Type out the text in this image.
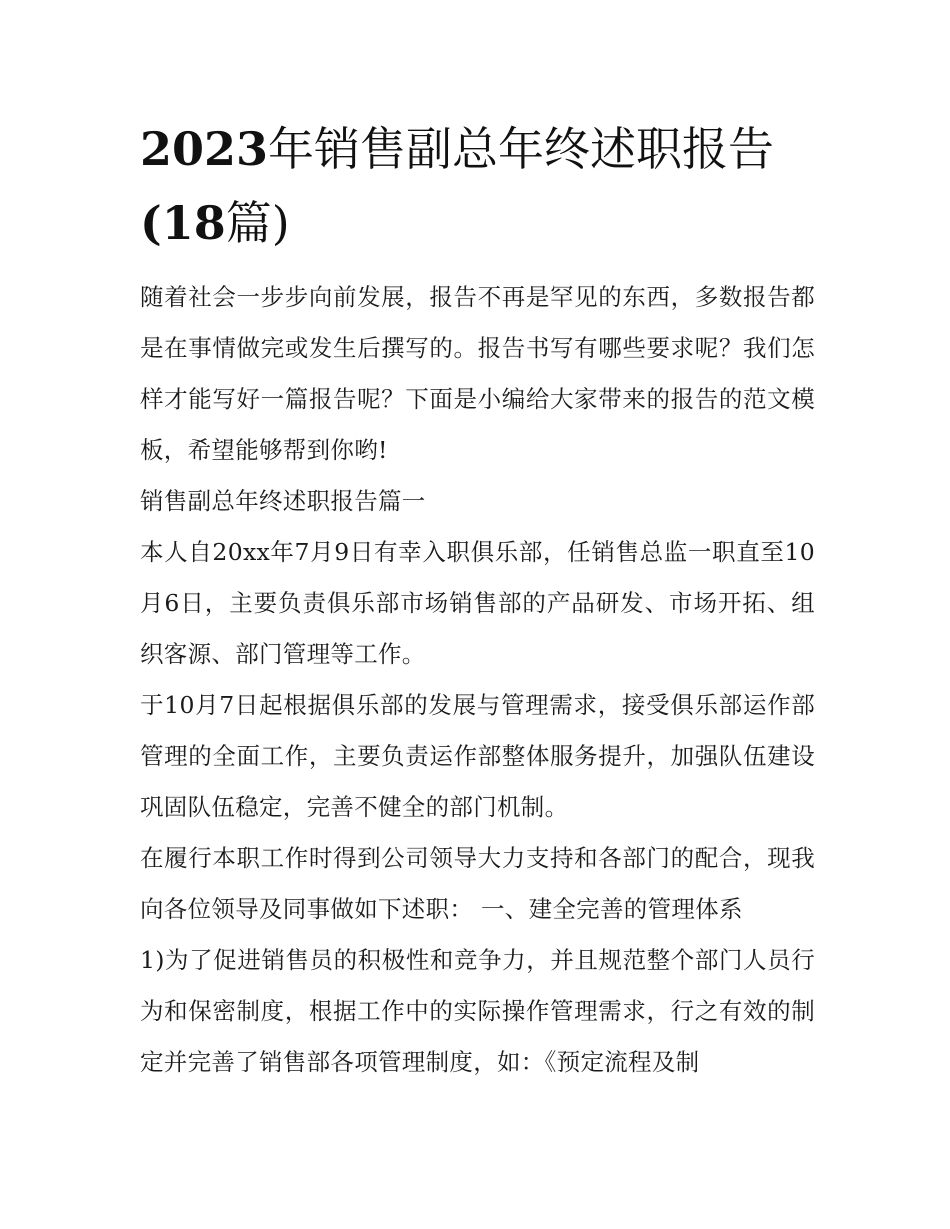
2023年销售副总年终述职报告
(18篇)

随着社会一步步向前发展，报告不再是罕见的东西，多数报告都是在事情做完或发生后撰写的。报告书写有哪些要求呢？我们怎样才能写好一篇报告呢？下面是小编给大家带来的报告的范文模板，希望能够帮到你哟!

销售副总年终述职报告篇一

本人自20xx年7月9日有幸入职俱乐部，任销售总监一职直至10月6日，主要负责俱乐部市场销售部的产品研发、市场开拓、组织客源、部门管理等工作。

于10月7日起根据俱乐部的发展与管理需求，接受俱乐部运作部管理的全面工作，主要负责运作部整体服务提升，加强队伍建设巩固队伍稳定，完善不健全的部门机制。

在履行本职工作时得到公司领导大力支持和各部门的配合，现我向各位领导及同事做如下述职： 一、建全完善的管理体系

1)为了促进销售员的积极性和竞争力，并且规范整个部门人员行为和保密制度，根据工作中的实际操作管理需求，行之有效的制定并完善了销售部各项管理制度，如：《预定流程及制
